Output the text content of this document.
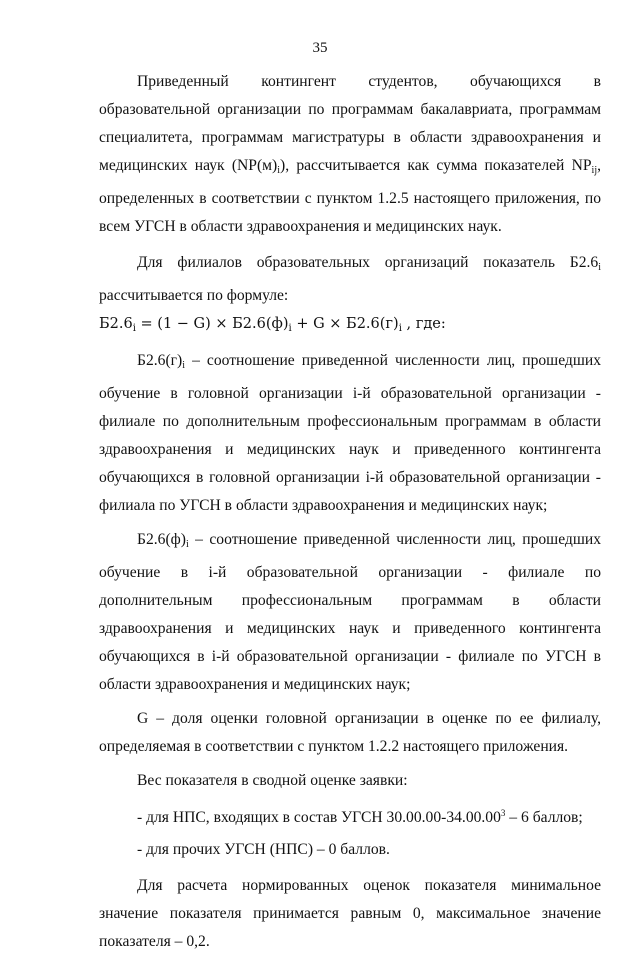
35

Приведенный контингент студентов, обучающихся в образовательной организации по программам бакалавриата, программам специалитета, программам магистратуры в области здравоохранения и медицинских наук $(NP(м)_i)$, рассчитывается как сумма показателей $NP_{ij}$, определенных в соответствии с пунктом 1.2.5 настоящего приложения, по всем УГСН в области здравоохранения и медицинских наук.

Для филиалов образовательных организаций показатель $Б2.6_i$ рассчитывается по формуле:

$Б2.6_i = (1 - G) \times Б2.6(ф)_i + G \times Б2.6(г)_i$ , где:

$Б2.6(г)_i$ – соотношение приведенной численности лиц, прошедших обучение в головной организации i-й образовательной организации - филиале по дополнительным профессиональным программам в области здравоохранения и медицинских наук и приведенного контингента обучающихся в головной организации i-й образовательной организации - филиала по УГСН в области здравоохранения и медицинских наук;

$Б2.6(ф)_i$ – соотношение приведенной численности лиц, прошедших обучение в i-й образовательной организации - филиале по дополнительным профессиональным программам в области здравоохранения и медицинских наук и приведенного контингента обучающихся в i-й образовательной организации - филиале по УГСН в области здравоохранения и медицинских наук;

G – доля оценки головной организации в оценке по ее филиалу, определяемая в соответствии с пунктом 1.2.2 настоящего приложения.

Вес показателя в сводной оценке заявки:

- для НПС, входящих в состав УГСН 30.00.00-34.00.00$^3$ – 6 баллов;

- для прочих УГСН (НПС) – 0 баллов.

Для расчета нормированных оценок показателя минимальное значение показателя принимается равным 0, максимальное значение показателя – 0,2.
